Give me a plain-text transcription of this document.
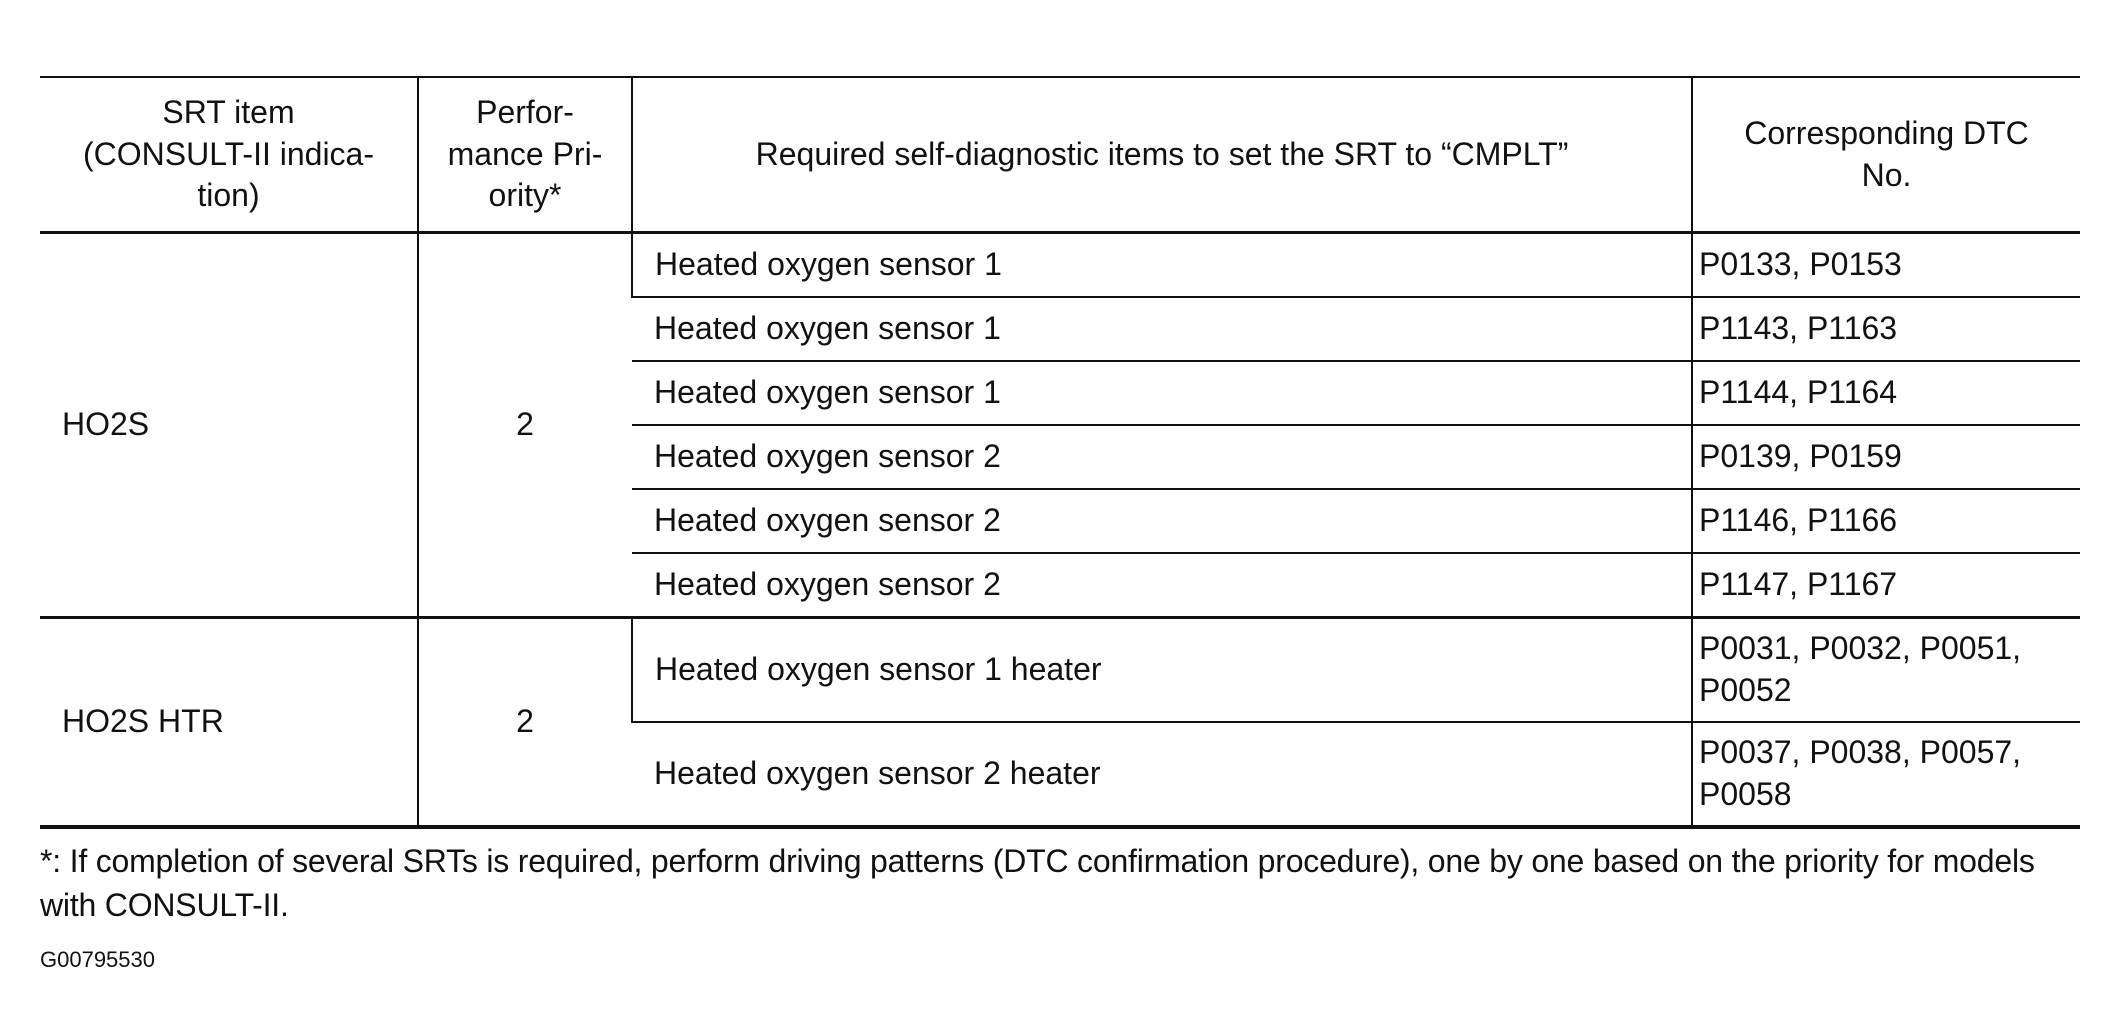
SRT item
(CONSULT-II indica-
tion)	Perfor-
mance Pri-
ority*	Required self-diagnostic items to set the SRT to “CMPLT”	Corresponding DTC
No.
HO2S	2	Heated oxygen sensor 1	P0133, P0153
		Heated oxygen sensor 1	P1143, P1163
		Heated oxygen sensor 1	P1144, P1164
		Heated oxygen sensor 2	P0139, P0159
		Heated oxygen sensor 2	P1146, P1166
		Heated oxygen sensor 2	P1147, P1167
HO2S HTR	2	Heated oxygen sensor 1 heater	P0031, P0032, P0051, P0052
		Heated oxygen sensor 2 heater	P0037, P0038, P0057, P0058
*: If completion of several SRTs is required, perform driving patterns (DTC confirmation procedure), one by one based on the priority for models with CONSULT-II.
G00795530
